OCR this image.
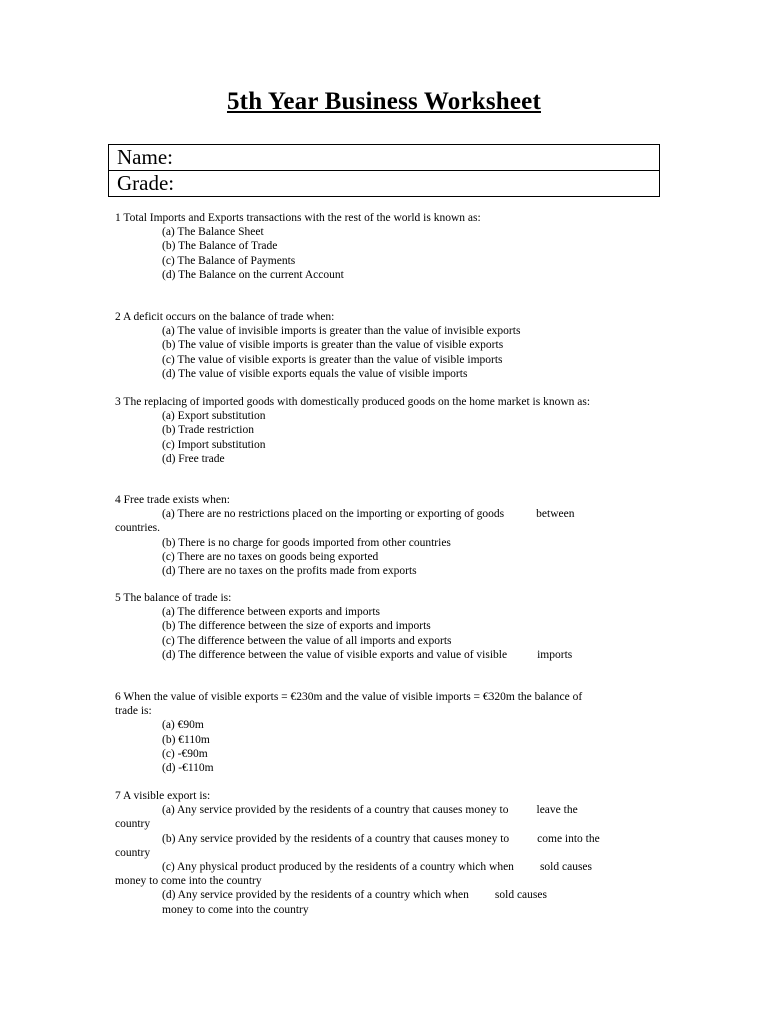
5th Year Business Worksheet
Name:
Grade:
1 Total Imports and Exports transactions with the rest of the world is known as:
(a) The Balance Sheet
(b) The Balance of Trade
(c) The Balance of Payments
(d) The Balance on the current Account
2 A deficit occurs on the balance of trade when:
(a) The value of invisible imports is greater than the value of invisible exports
(b) The value of visible imports is greater than the value of visible exports
(c) The value of visible exports is greater than the value of visible imports
(d) The value of visible exports equals the value of visible imports
3 The replacing of imported goods with domestically produced goods on the home market is known as:
(a) Export substitution
(b) Trade restriction
(c) Import substitution
(d) Free trade
4 Free trade exists when:
(a) There are no restrictions placed on the importing or exporting of goods	between
countries.
(b) There is no charge for goods imported from other countries
(c) There are no taxes on goods being exported
(d) There are no taxes on the profits made from exports
5 The balance of trade is:
(a) The difference between exports and imports
(b) The difference between the size of exports and imports
(c) The difference between the value of all imports and exports
(d) The difference between the value of visible exports and value of visible	imports
6 When the value of visible exports = €230m and the value of visible imports = €320m the balance of
trade is:
(a) €90m
(b) €110m
(c) -€90m
(d) -€110m
7 A visible export is:
(a) Any service provided by the residents of a country that causes money to leave the
country
(b) Any service provided by the residents of a country that causes money to come into the
country
(c) Any physical product produced by the residents of a country which when sold causes
money to come into the country
(d) Any service provided by the residents of a country which when sold causes
money to come into the country
